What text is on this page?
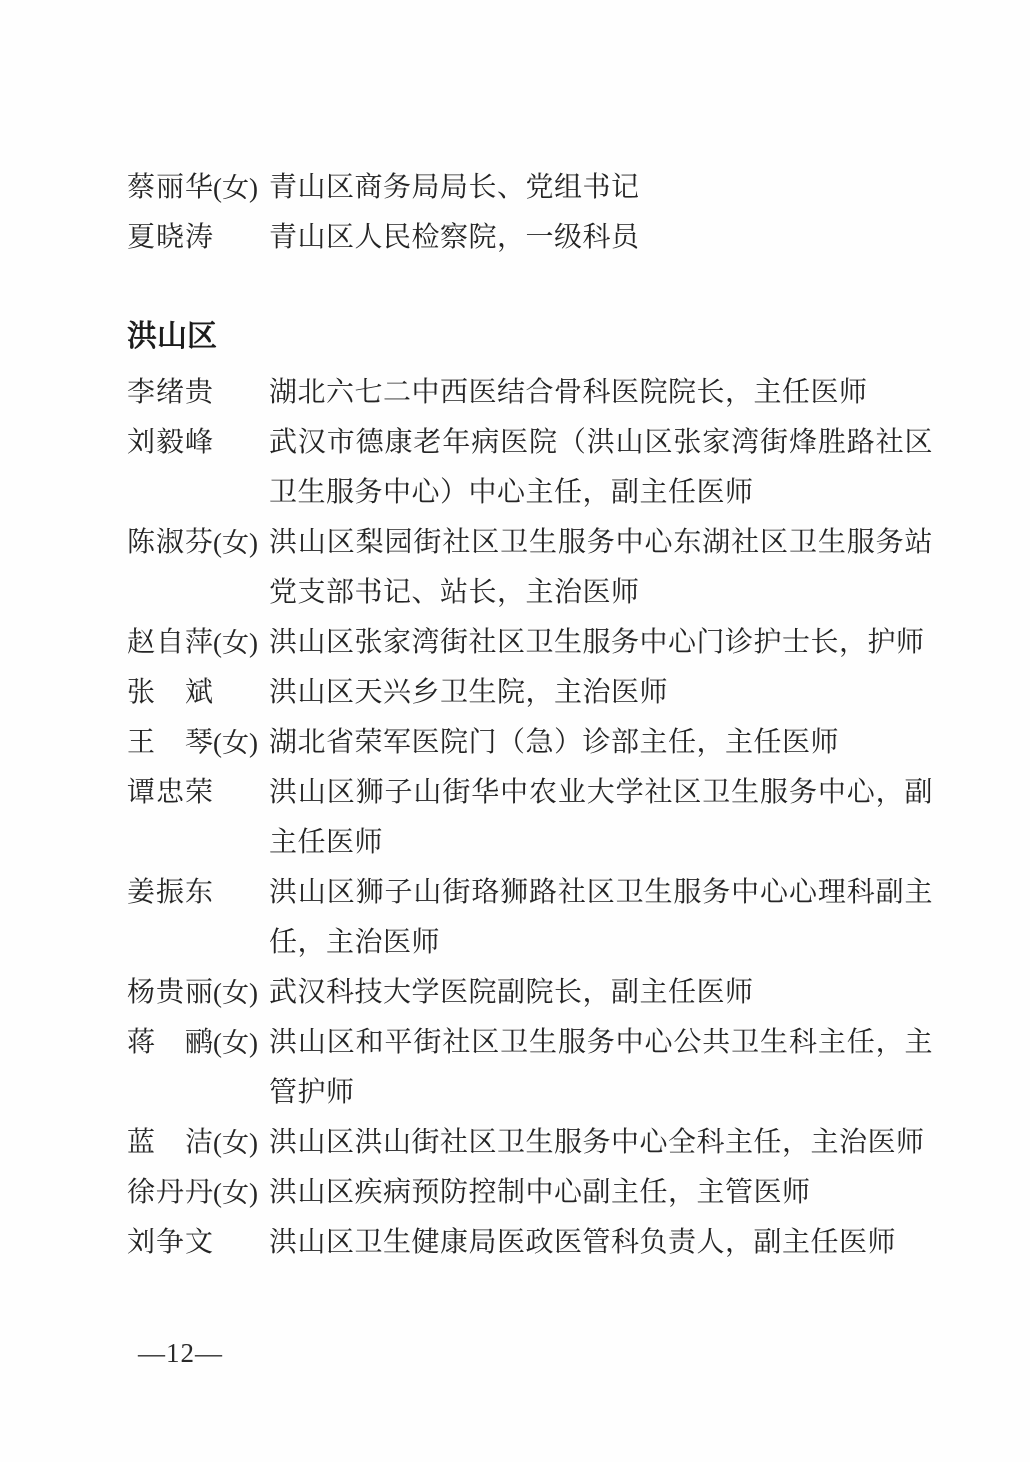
蔡 丽 华 (女) 青山区商务局局长、党组书记
夏 晓 涛 青山区人民检察院，一级科员
洪山区
李 绪 贵 湖北六七二中西医结合骨科医院院长，主任医师
刘 毅 峰 武汉市德康老年病医院（洪山区张家湾街烽胜路社区
卫生服务中心）中心主任，副主任医师
陈 淑 芬 (女) 洪山区梨园街社区卫生服务中心东湖社区卫生服务站
党支部书记、站长，主治医师
赵 自 萍 (女) 洪山区张家湾街社区卫生服务中心门诊护士长，护师
张 斌 洪山区天兴乡卫生院，主治医师
王 琴 (女) 湖北省荣军医院门（急）诊部主任，主任医师
谭 忠 荣 洪山区狮子山街华中农业大学社区卫生服务中心，副
主任医师
姜 振 东 洪山区狮子山街珞狮路社区卫生服务中心心理科副主
任，主治医师
杨 贵 丽 (女) 武汉科技大学医院副院长，副主任医师
蒋 鹂 (女) 洪山区和平街社区卫生服务中心公共卫生科主任，主
管护师
蓝 洁 (女) 洪山区洪山街社区卫生服务中心全科主任，主治医师
徐 丹 丹 (女) 洪山区疾病预防控制中心副主任，主管医师
刘 争 文 洪山区卫生健康局医政医管科负责人，副主任医师
—12—
